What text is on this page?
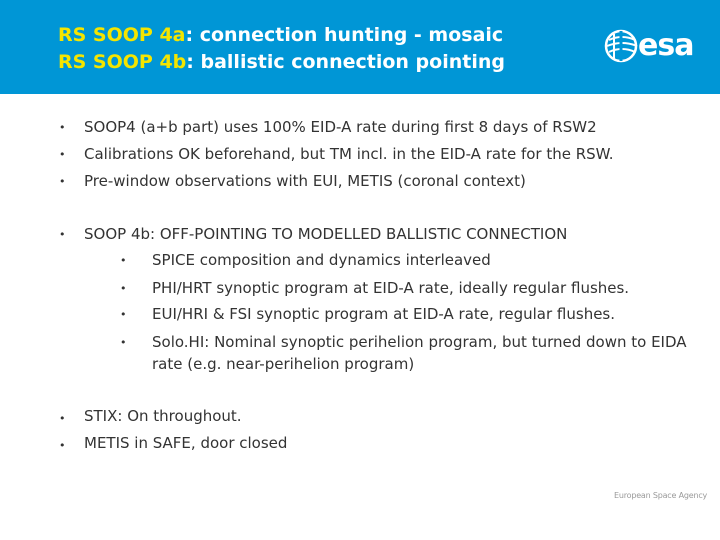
RS SOOP 4a: connection hunting - mosaic
RS SOOP 4b: ballistic connection pointing	esa
• SOOP4 (a+b part) uses 100% EID-A rate during first 8 days of RSW2
• Calibrations OK beforehand, but TM incl. in the EID-A rate for the RSW.
• Pre-window observations with EUI, METIS (coronal context)
• SOOP 4b: OFF-POINTING TO MODELLED BALLISTIC CONNECTION
• SPICE composition and dynamics interleaved
• PHI/HRT synoptic program at EID-A rate, ideally regular flushes.
• EUI/HRI & FSI synoptic program at EID-A rate, regular flushes.
• Solo.HI: Nominal synoptic perihelion program, but turned down to EIDA rate (e.g. near-perihelion program)
• STIX: On throughout.
• METIS in SAFE, door closed
European Space Agency
